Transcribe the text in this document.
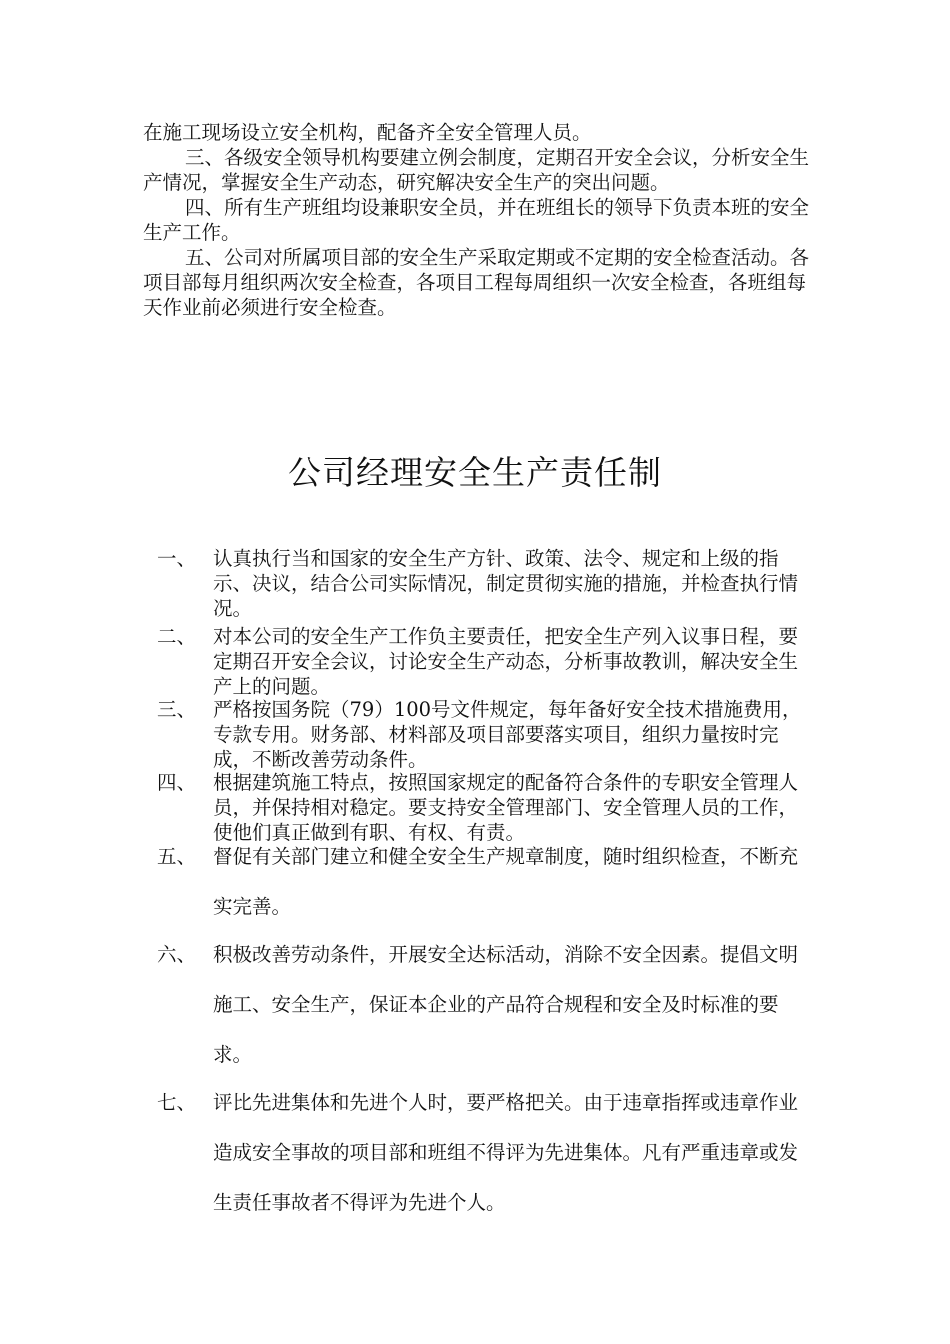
在施工现场设立安全机构，配备齐全安全管理人员。

三、各级安全领导机构要建立例会制度，定期召开安全会议，分析安全生产情况，掌握安全生产动态，研究解决安全生产的突出问题。

四、所有生产班组均设兼职安全员，并在班组长的领导下负责本班的安全生产工作。

五、公司对所属项目部的安全生产采取定期或不定期的安全检查活动。各项目部每月组织两次安全检查，各项目工程每周组织一次安全检查，各班组每天作业前必须进行安全检查。

公司经理安全生产责任制
一、 认真执行当和国家的安全生产方针、政策、法令、规定和上级的指示、决议，结合公司实际情况，制定贯彻实施的措施，并检查执行情况。
二、 对本公司的安全生产工作负主要责任，把安全生产列入议事日程，要定期召开安全会议，讨论安全生产动态，分析事故教训，解决安全生产上的问题。
三、 严格按国务院（79）100号文件规定，每年备好安全技术措施费用，专款专用。财务部、材料部及项目部要落实项目，组织力量按时完成，不断改善劳动条件。
四、 根据建筑施工特点，按照国家规定的配备符合条件的专职安全管理人员，并保持相对稳定。要支持安全管理部门、安全管理人员的工作，使他们真正做到有职、有权、有责。
五、 督促有关部门建立和健全安全生产规章制度，随时组织检查，不断充实完善。
六、 积极改善劳动条件，开展安全达标活动，消除不安全因素。提倡文明施工、安全生产，保证本企业的产品符合规程和安全及时标准的要求。
七、 评比先进集体和先进个人时，要严格把关。由于违章指挥或违章作业造成安全事故的项目部和班组不得评为先进集体。凡有严重违章或发生责任事故者不得评为先进个人。
